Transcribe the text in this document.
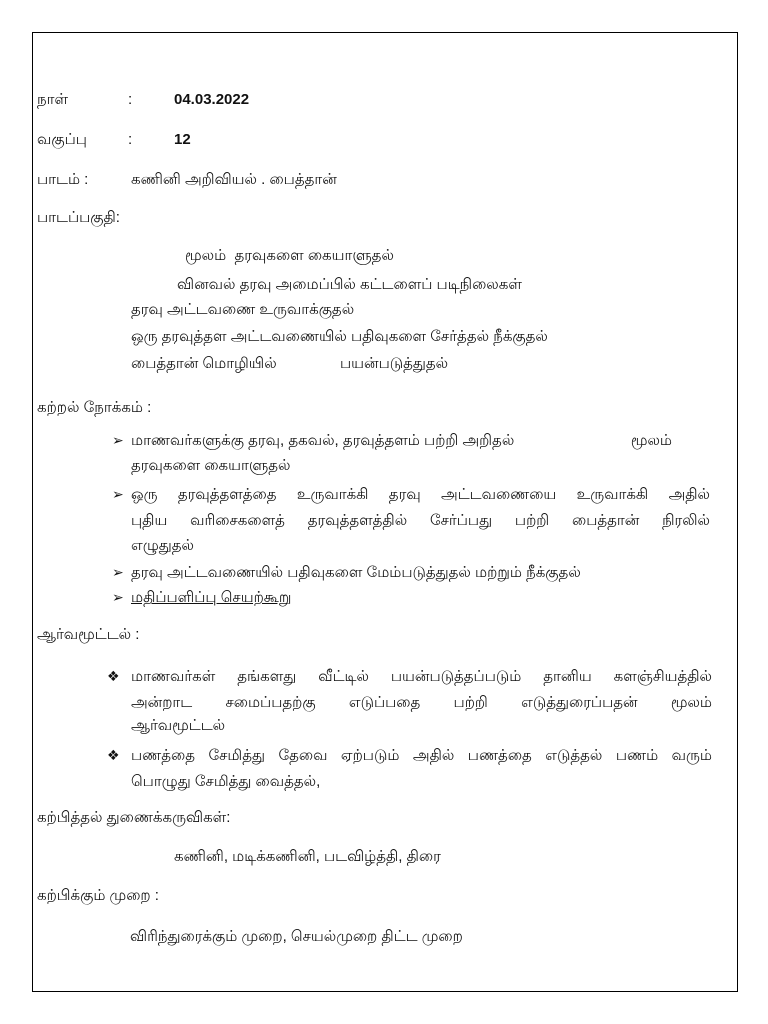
நாள்	:	04.03.2022
வகுப்பு	:	12
பாடம் :	கணினி அறிவியல் . பைத்தான்
பாடப்பகுதி:
மூலம்  தரவுகளை கையாளுதல்
வினவல் தரவு அமைப்பில் கட்டளைப் படிநிலைகள்
தரவு அட்டவணை உருவாக்குதல்
ஒரு தரவுத்தள அட்டவணையில் பதிவுகளை சேர்த்தல் நீக்குதல்
பைத்தான் மொழியில்	பயன்படுத்துதல்
கற்றல் நோக்கம் :
➢ மாணவர்களுக்கு தரவு, தகவல், தரவுத்தளம் பற்றி அறிதல்	மூலம்
தரவுகளை கையாளுதல்
➢ ஒரு தரவுத்தளத்தை உருவாக்கி தரவு அட்டவணையை உருவாக்கி அதில்
புதிய வரிசைகளைத் தரவுத்தளத்தில் சேர்ப்பது பற்றி பைத்தான் நிரலில்
எழுதுதல்
➢ தரவு அட்டவணையில் பதிவுகளை மேம்படுத்துதல் மற்றும் நீக்குதல்
➢ மதிப்பளிப்பு செயற்கூறு
ஆர்வமூட்டல் :
❖ மாணவர்கள் தங்களது வீட்டில் பயன்படுத்தப்படும் தானிய களஞ்சியத்தில்
அன்றாட சமைப்பதற்கு எடுப்பதை பற்றி எடுத்துரைப்பதன் மூலம்
ஆர்வமூட்டல்
❖ பணத்தை சேமித்து தேவை ஏற்படும் அதில் பணத்தை எடுத்தல் பணம் வரும்
பொழுது சேமித்து வைத்தல்,
கற்பித்தல் துணைக்கருவிகள்:
கணினி, மடிக்கணினி, படவிழ்த்தி, திரை
கற்பிக்கும் முறை :
விரிந்துரைக்கும் முறை, செயல்முறை திட்ட முறை
